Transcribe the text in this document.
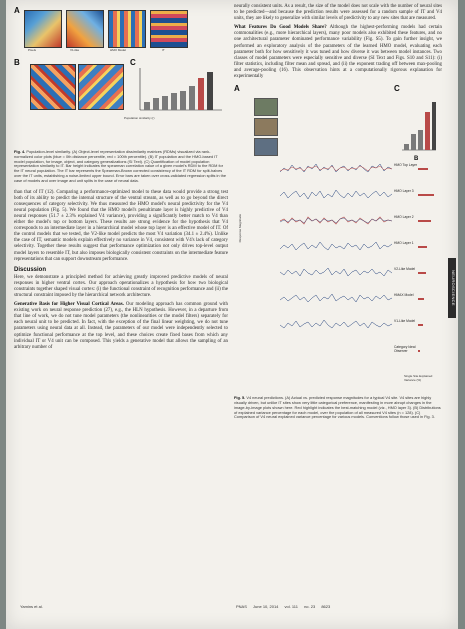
A
Pixels	V1-like	HMO Model	IT
B	C
Population similarity (r)

Fig. 4. Population-level similarity. (A) Object-level representation dissimilarity matrices (RDMs) visualized via rank-normalized color plots (blue = 0th distance percentile, red = 100th percentile). (B) IT population and the HMO-based IT model population, for image, object, and category generalizations (SI Text). (C) Quantification of model population representation similarity to IT. Bar height indicates the spearman correlation value of a given model's RDM to the RDM for the IT neural population. The IT bar represents the Spearman-Brown corrected consistency of the IT RDM for split-halves over the IT units, establishing a noise-limited upper bound. Error bars are taken over cross-validated regression splits in the case of models and over image and unit splits in the case of neural data.

than that of IT (12). Comparing a performance-optimized model to these data would provide a strong test both of its ability to predict the internal structure of the ventral stream, as well as to go beyond the direct consequences of category selectivity. We thus measured the HMO model's neural predictivity for the V4 neural population (Fig. 5). We found that the HMO model's penultimate layer is highly predictive of V4 neural responses (51.7 ± 2.3% explained V4 variance), providing a significantly better match to V4 than either the model's top or bottom layers. These results are strong evidence for the hypothesis that V4 corresponds to an intermediate layer in a hierarchical model whose top layer is an effective model of IT. Of the control models that we tested, the V2-like model predicts the most V4 variation (34.1 ± 2.4%). Unlike the case of IT, semantic models explain effectively no variance in V4, consistent with V4's lack of category selectivity. Together these results suggest that performance optimization not only drives top-level output model layers to resemble IT, but also imposes biologically consistent constraints on the intermediate feature representations that can support downstream performance.

Discussion

Here, we demonstrate a principled method for achieving greatly improved predictive models of neural responses in higher ventral cortex. Our approach operationalizes a hypothesis for how two biological constraints together shaped visual cortex: (i) the functional constraint of recognition performance and (ii) the structural constraint imposed by the hierarchical network architecture.

Generative Basis for Higher Visual Cortical Areas. Our modeling approach has common ground with existing work on neural response prediction (27), e.g., the HLN hypothesis. However, in a departure from that line of work, we do not tune model parameters (the nonlinearities or the model filters) separately for each neural unit to be predicted. In fact, with the exception of the final linear weighting, we do not tune parameters using neural data at all. Instead, the parameters of our model were independently selected to optimize functional performance at the top level, and these choices create fixed bases from which any individual IT or V4 unit can be composed. This yields a generative model that allows the sampling of an arbitrary number of

neurally consistent units. As a result, the size of the model does not scale with the number of neural sites to be predicted—and because the prediction results were assessed for a random sample of IT and V4 units, they are likely to generalize with similar levels of predictivity to any new sites that are measured.

What Features Do Good Models Share? Although the highest-performing models had certain commonalities (e.g., more hierarchical layers), many poor models also exhibited these features, and no one architectural parameter dominated performance variability (Fig. S5). To gain further insight, we performed an exploratory analysis of the parameters of the learned HMO model, evaluating each parameter both for how sensitively it was tuned and how diverse it was between model instances. Two classes of model parameters were especially sensitive and diverse (SI Text and Figs. S10 and S11): (i) filter statistics, including filter mean and spread, and (ii) the exponent trading off between max-pooling and average-pooling (16). This observation hints at a computationally rigorous explanation for experimentally

A	C
Response Magnitude
HMO Top Layer
HMO Layer 3
HMO Layer 2
HMO Layer 1
V2-Like Model
HMAX Model
V1-Like Model
Category Ideal Observer
B
Single Site Explained Variance (%)

Fig. 5. V4 neural predictions. (A) Actual vs. predicted response magnitudes for a typical V4 site. V4 sites are highly visually driven, but unlike IT sites show very little categorical preference, manifesting in more abrupt changes in the image-by-image plots shown here. Red highlight indicates the best-matching model (viz., HMO layer 3). (B) Distributions of explained variance percentage for each model, over the population of all measured V4 sites (n = 128). (C) Comparison of V4 neural explained variance percentage for various models. Conventions follow those used in Fig. 3.

NEUROSCIENCE
Yamins et al.	PNAS June 10, 2014 vol. 111 no. 23 8623
